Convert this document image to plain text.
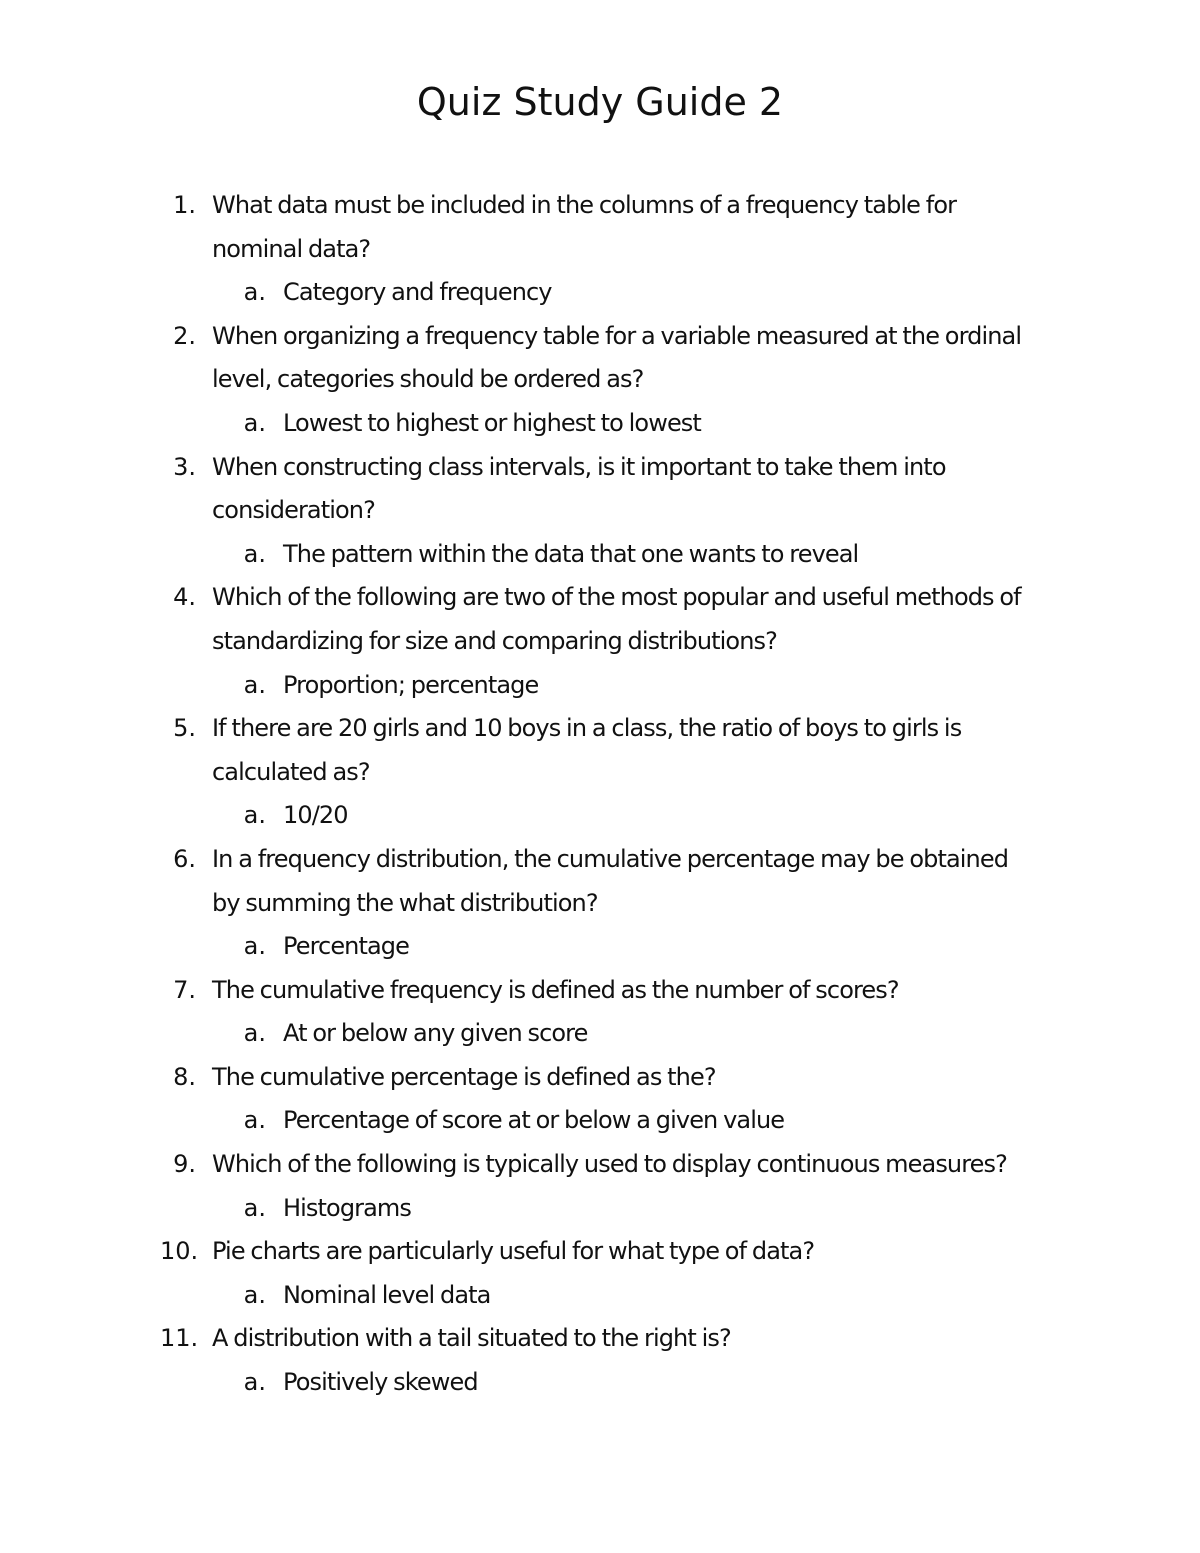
Quiz Study Guide 2
1. What data must be included in the columns of a frequency table for nominal data?
a. Category and frequency
2. When organizing a frequency table for a variable measured at the ordinal level, categories should be ordered as?
a. Lowest to highest or highest to lowest
3. When constructing class intervals, is it important to take them into consideration?
a. The pattern within the data that one wants to reveal
4. Which of the following are two of the most popular and useful methods of standardizing for size and comparing distributions?
a. Proportion; percentage
5. If there are 20 girls and 10 boys in a class, the ratio of boys to girls is calculated as?
a. 10/20
6. In a frequency distribution, the cumulative percentage may be obtained by summing the what distribution?
a. Percentage
7. The cumulative frequency is defined as the number of scores?
a. At or below any given score
8. The cumulative percentage is defined as the?
a. Percentage of score at or below a given value
9. Which of the following is typically used to display continuous measures?
a. Histograms
10. Pie charts are particularly useful for what type of data?
a. Nominal level data
11. A distribution with a tail situated to the right is?
a. Positively skewed
